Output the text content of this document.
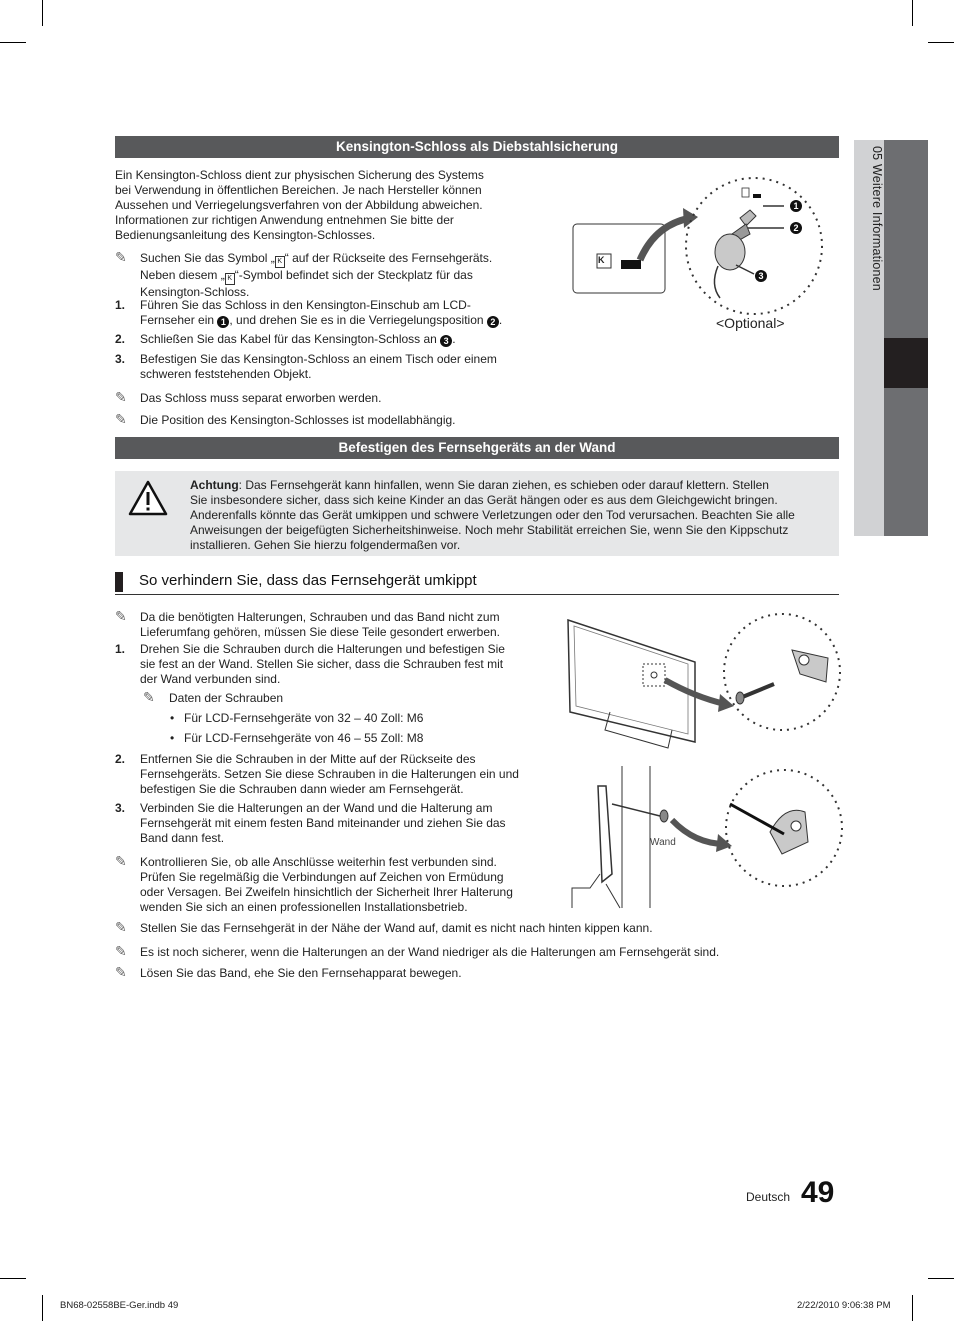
05 Weitere Informationen
Kensington-Schloss als Diebstahlsicherung
Ein Kensington-Schloss dient zur physischen Sicherung des Systems
bei Verwendung in öffentlichen Bereichen. Je nach Hersteller können
Aussehen und Verriegelungsverfahren von der Abbildung abweichen.
Informationen zur richtigen Anwendung entnehmen Sie bitte der
Bedienungsanleitung des Kensington-Schlosses.
✎ Suchen Sie das Symbol „ K “ auf der Rückseite des Fernsehgeräts.
Neben diesem „ K “-Symbol befindet sich der Steckplatz für das
Kensington-Schloss.
1. Führen Sie das Schloss in den Kensington-Einschub am LCD-
Fernseher ein 1 , und drehen Sie es in die Verriegelungsposition 2 .
2. Schließen Sie das Kabel für das Kensington-Schloss an 3 .
3. Befestigen Sie das Kensington-Schloss an einem Tisch oder einem
schweren feststehenden Objekt.
✎ Das Schloss muss separat erworben werden.
✎ Die Position des Kensington-Schlosses ist modellabhängig.
K
1
2
3
<Optional>
Befestigen des Fernsehgeräts an der Wand
Achtung: Das Fernsehgerät kann hinfallen, wenn Sie daran ziehen, es schieben oder darauf klettern. Stellen
Sie insbesondere sicher, dass sich keine Kinder an das Gerät hängen oder es aus dem Gleichgewicht bringen.
Anderenfalls könnte das Gerät umkippen und schwere Verletzungen oder den Tod verursachen. Beachten Sie alle
Anweisungen der beigefügten Sicherheitshinweise. Noch mehr Stabilität erreichen Sie, wenn Sie den Kippschutz
installieren. Gehen Sie hierzu folgendermaßen vor.
So verhindern Sie, dass das Fernsehgerät umkippt
✎ Da die benötigten Halterungen, Schrauben und das Band nicht zum
Lieferumfang gehören, müssen Sie diese Teile gesondert erwerben.
1. Drehen Sie die Schrauben durch die Halterungen und befestigen Sie
sie fest an der Wand. Stellen Sie sicher, dass die Schrauben fest mit
der Wand verbunden sind.
✎ Daten der Schrauben
• Für LCD-Fernsehgeräte von 32 – 40 Zoll: M6
• Für LCD-Fernsehgeräte von 46 – 55 Zoll: M8
2. Entfernen Sie die Schrauben in der Mitte auf der Rückseite des
Fernsehgeräts. Setzen Sie diese Schrauben in die Halterungen ein und
befestigen Sie die Schrauben dann wieder am Fernsehgerät.
3. Verbinden Sie die Halterungen an der Wand und die Halterung am
Fernsehgerät mit einem festen Band miteinander und ziehen Sie das
Band dann fest.
✎ Kontrollieren Sie, ob alle Anschlüsse weiterhin fest verbunden sind.
Prüfen Sie regelmäßig die Verbindungen auf Zeichen von Ermüdung
oder Versagen. Bei Zweifeln hinsichtlich der Sicherheit Ihrer Halterung
wenden Sie sich an einen professionellen Installationsbetrieb.
✎ Stellen Sie das Fernsehgerät in der Nähe der Wand auf, damit es nicht nach hinten kippen kann.
✎ Es ist noch sicherer, wenn die Halterungen an der Wand niedriger als die Halterungen am Fernsehgerät sind.
✎ Lösen Sie das Band, ehe Sie den Fernsehapparat bewegen.
Wand
Deutsch 49
BN68-02558BE-Ger.indb 49	2/22/2010 9:06:38 PM
